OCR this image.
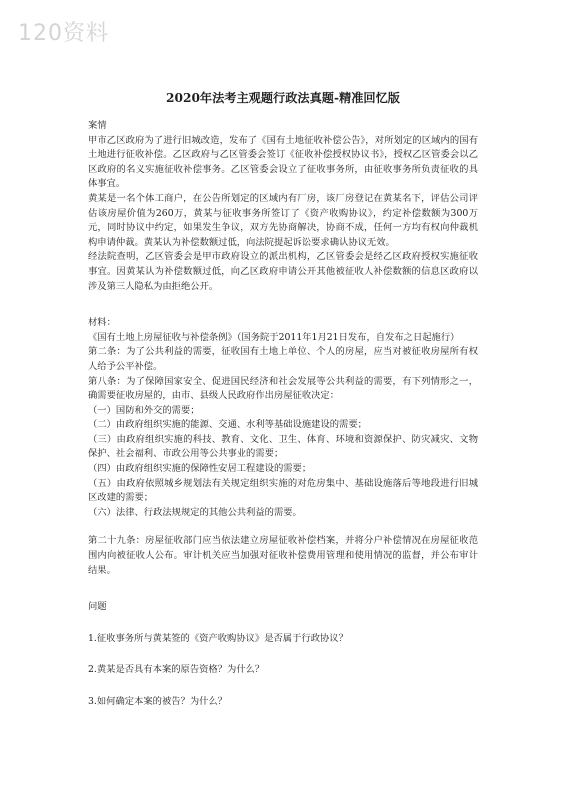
120资料
2020年法考主观题行政法真题-精准回忆版

案情

甲市乙区政府为了进行旧城改造，发布了《国有土地征收补偿公告》，对所划定的区域内的国有土地进行征收补偿。乙区政府与乙区管委会签订《征收补偿授权协议书》，授权乙区管委会以乙区政府的名义实施征收补偿事务。乙区管委会设立了征收事务所，由征收事务所负责征收的具体事宜。

黄某是一名个体工商户，在公告所划定的区域内有厂房，该厂房登记在黄某名下，评估公司评估该房屋价值为260万，黄某与征收事务所签订了《资产收购协议》，约定补偿数额为300万元，同时协议中约定，如果发生争议，双方先协商解决，协商不成，任何一方均有权向仲裁机构申请仲裁。黄某认为补偿数额过低，向法院提起诉讼要求确认协议无效。

经法院查明，乙区管委会是甲市政府设立的派出机构，乙区管委会是经乙区政府授权实施征收事宜。因黄某认为补偿数额过低，向乙区政府申请公开其他被征收人补偿数额的信息区政府以涉及第三人隐私为由拒绝公开。

材料：

《国有土地上房屋征收与补偿条例》（国务院于2011年1月21日发布，自发布之日起施行）

第二条：为了公共利益的需要，征收国有土地上单位、个人的房屋，应当对被征收房屋所有权人给予公平补偿。

第八条：为了保障国家安全、促进国民经济和社会发展等公共利益的需要，有下列情形之一，确需要征收房屋的，由市、县级人民政府作出房屋征收决定：

（一）国防和外交的需要；

（二）由政府组织实施的能源、交通、水利等基础设施建设的需要；

（三）由政府组织实施的科技、教育、文化、卫生、体育、环境和资源保护、防灾减灾、文物保护、社会福利、市政公用等公共事业的需要；

（四）由政府组织实施的保障性安居工程建设的需要；

（五）由政府依照城乡规划法有关规定组织实施的对危房集中、基础设施落后等地段进行旧城区改建的需要；

（六）法律、行政法规规定的其他公共利益的需要。

第二十九条：房屋征收部门应当依法建立房屋征收补偿档案，并将分户补偿情况在房屋征收范围内向被征收人公布。审计机关应当加强对征收补偿费用管理和使用情况的监督，并公布审计结果。

问题

1.征收事务所与黄某签的《资产收购协议》是否属于行政协议？

2.黄某是否具有本案的原告资格？为什么？

3.如何确定本案的被告？为什么？
